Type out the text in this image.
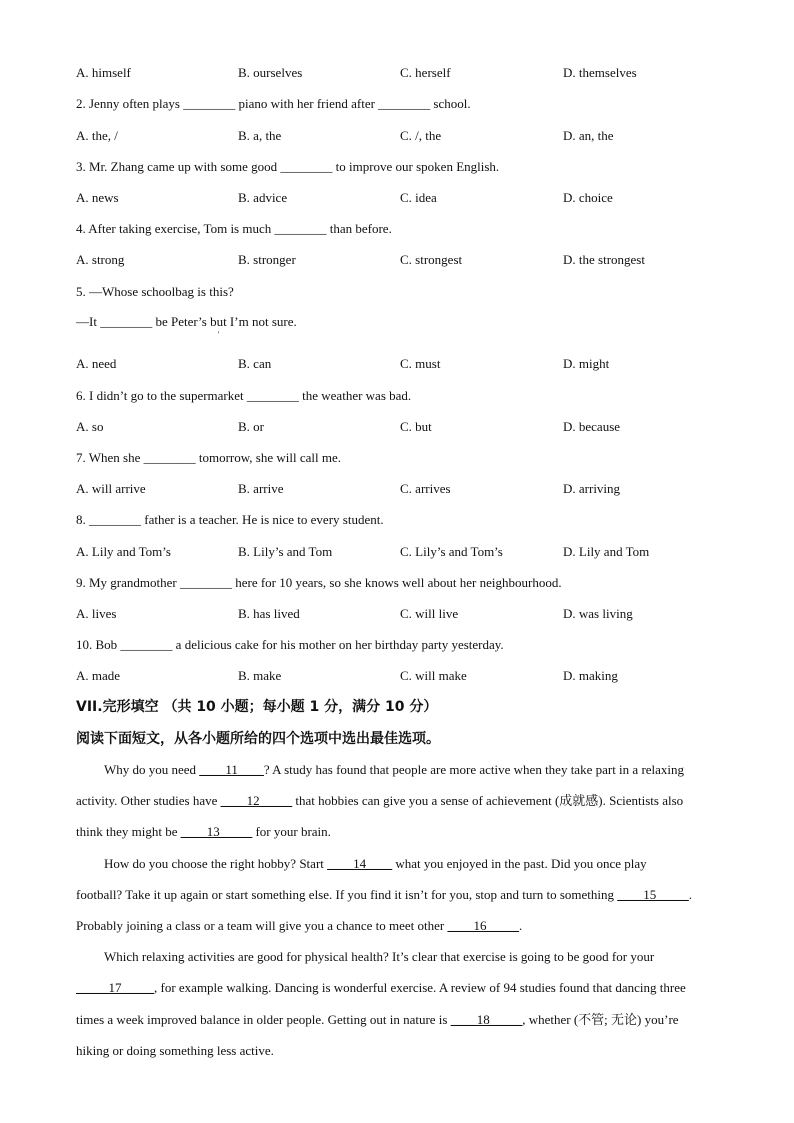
A. himself	B. ourselves	C. herself	D. themselves
2. Jenny often plays ________ piano with her friend after ________ school.
A. the, /	B. a, the	C. /, the	D. an, the
3. Mr. Zhang came up with some good ________ to improve our spoken English.
A. news	B. advice	C. idea	D. choice
4. After taking exercise, Tom is much ________ than before.
A. strong	B. stronger	C. strongest	D. the strongest
5. —Whose schoolbag is this?
—It ________ be Peter’s but I’m not sure.
'
A. need	B. can	C. must	D. might
6. I didn’t go to the supermarket ________ the weather was bad.
A. so	B. or	C. but	D. because
7. When she ________ tomorrow, she will call me.
A. will arrive	B. arrive	C. arrives	D. arriving
8. ________ father is a teacher. He is nice to every student.
A. Lily and Tom’s	B. Lily’s and Tom	C. Lily’s and Tom’s	D. Lily and Tom
9. My grandmother ________ here for 10 years, so she knows well about her neighbourhood.
A. lives	B. has lived	C. will live	D. was living
10. Bob ________ a delicious cake for his mother on her birthday party yesterday.
A. made	B. make	C. will make	D. making
VII.完形填空 （共 10 小题；每小题 1 分，满分 10 分）
阅读下面短文，从各小题所给的四个选项中选出最佳选项。
Why do you need ____11____? A study has found that people are more active when they take part in a relaxing
activity. Other studies have ____12_____ that hobbies can give you a sense of achievement (成就感). Scientists also
think they might be ____13_____ for your brain.
How do you choose the right hobby? Start ____14____ what you enjoyed in the past. Did you once play
football? Take it up again or start something else. If you find it isn’t for you, stop and turn to something ____15_____.
Probably joining a class or a team will give you a chance to meet other ____16_____.
Which relaxing activities are good for physical health? It’s clear that exercise is going to be good for your
_____17_____, for example walking. Dancing is wonderful exercise. A review of 94 studies found that dancing three
times a week improved balance in older people. Getting out in nature is ____18_____, whether (不管; 无论) you’re
hiking or doing something less active.
